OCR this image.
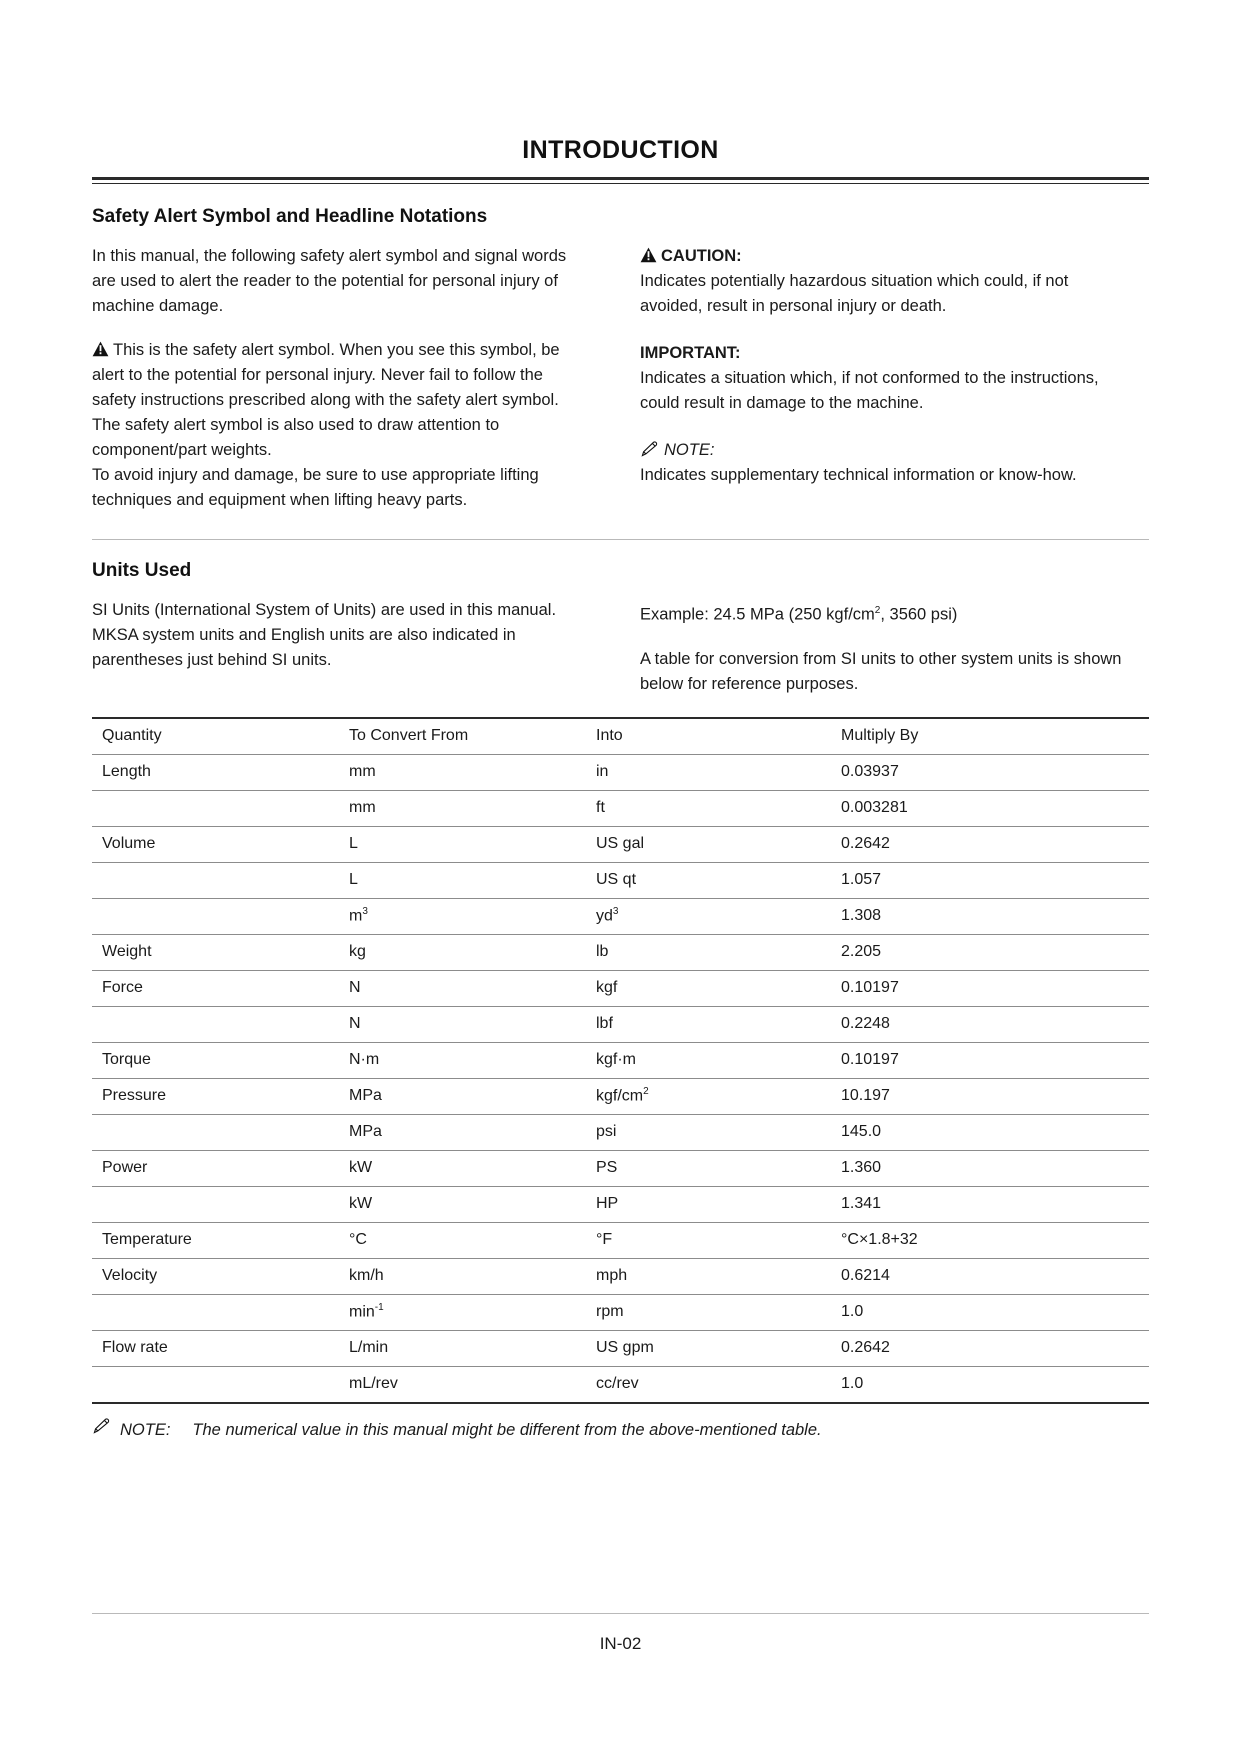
INTRODUCTION
Safety Alert Symbol and Headline Notations

In this manual, the following safety alert symbol and signal words are used to alert the reader to the potential for personal injury of machine damage.

This is the safety alert symbol. When you see this symbol, be alert to the potential for personal injury. Never fail to follow the safety instructions prescribed along with the safety alert symbol.

The safety alert symbol is also used to draw attention to component/part weights.

To avoid injury and damage, be sure to use appropriate lifting techniques and equipment when lifting heavy parts.

CAUTION:

Indicates potentially hazardous situation which could, if not avoided, result in personal injury or death.

IMPORTANT:

Indicates a situation which, if not conformed to the instructions, could result in damage to the machine.

NOTE:

Indicates supplementary technical information or know-how.

Units Used

SI Units (International System of Units) are used in this manual. MKSA system units and English units are also indicated in parentheses just behind SI units.

Example: 24.5 MPa (250 kgf/$cm^2$, 3560 psi)

A table for conversion from SI units to other system units is shown below for reference purposes.

Quantity	To Convert From	Into	Multiply By
Length	mm	in	0.03937
	mm	ft	0.003281
Volume	L	US gal	0.2642
	L	US qt	1.057
	$m^3$	$yd^3$	1.308
Weight	kg	lb	2.205
Force	N	kgf	0.10197
	N	lbf	0.2248
Torque	N·m	kgf·m	0.10197
Pressure	MPa	kgf/$cm^2$	10.197
	MPa	psi	145.0
Power	kW	PS	1.360
	kW	HP	1.341
Temperature	°C	°F	°C×1.8+32
Velocity	km/h	mph	0.6214
	$\min^{-1}$	rpm	1.0
Flow rate	L/min	US gpm	0.2642
	mL/rev	cc/rev	1.0
NOTE: The numerical value in this manual might be different from the above-mentioned table.
IN-02
